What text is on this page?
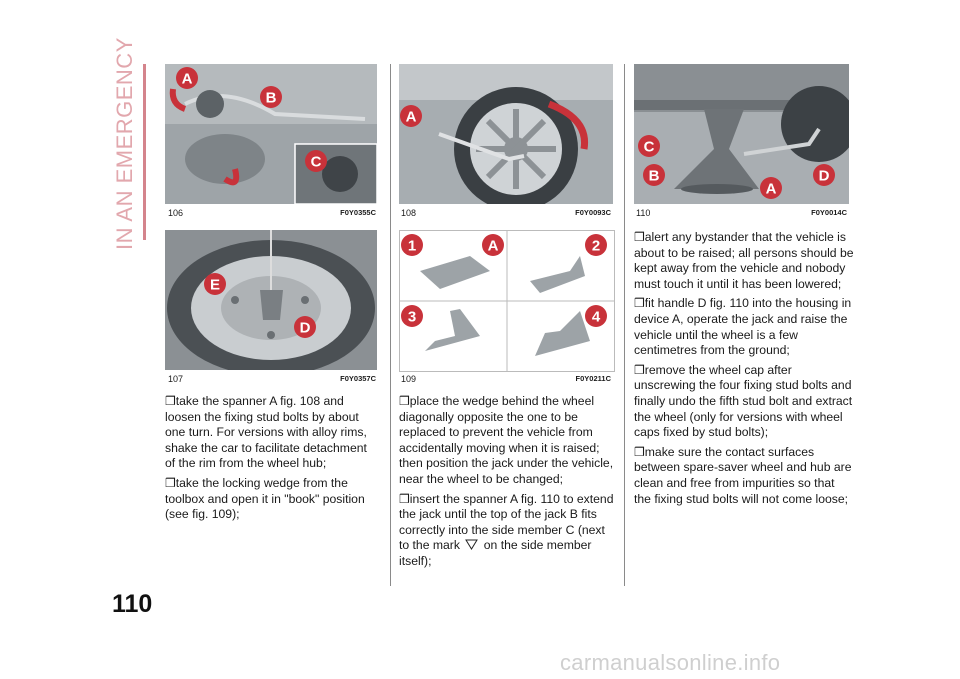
IN AN EMERGENCY	A
B
C
106	F0Y0355C
E
D
107	F0Y0357C
A
108	F0Y0093C
1	A	2
3	4
109	F0Y0211C
C
B
A
D
110	F0Y0014C

❒take the spanner A fig. 108 and loosen the fixing stud bolts by about one turn. For versions with alloy rims, shake the car to facilitate detachment of the rim from the wheel hub;

❒take the locking wedge from the toolbox and open it in "book" position (see fig. 109);

❒place the wedge behind the wheel diagonally opposite the one to be replaced to prevent the vehicle from accidentally moving when it is raised; then position the jack under the vehicle, near the wheel to be changed;

❒insert the spanner A fig. 110 to extend the jack until the top of the jack B fits correctly into the side member C (next to the mark on the side member itself);

❒alert any bystander that the vehicle is about to be raised; all persons should be kept away from the vehicle and nobody must touch it until it has been lowered;

❒fit handle D fig. 110 into the housing in device A, operate the jack and raise the vehicle until the wheel is a few centimetres from the ground;

❒remove the wheel cap after unscrewing the four fixing stud bolts and finally undo the fifth stud bolt and extract the wheel (only for versions with wheel caps fixed by stud bolts);

❒make sure the contact surfaces between spare-saver wheel and hub are clean and free from impurities so that the fixing stud bolts will not come loose;

110
carmanualsonline.info
